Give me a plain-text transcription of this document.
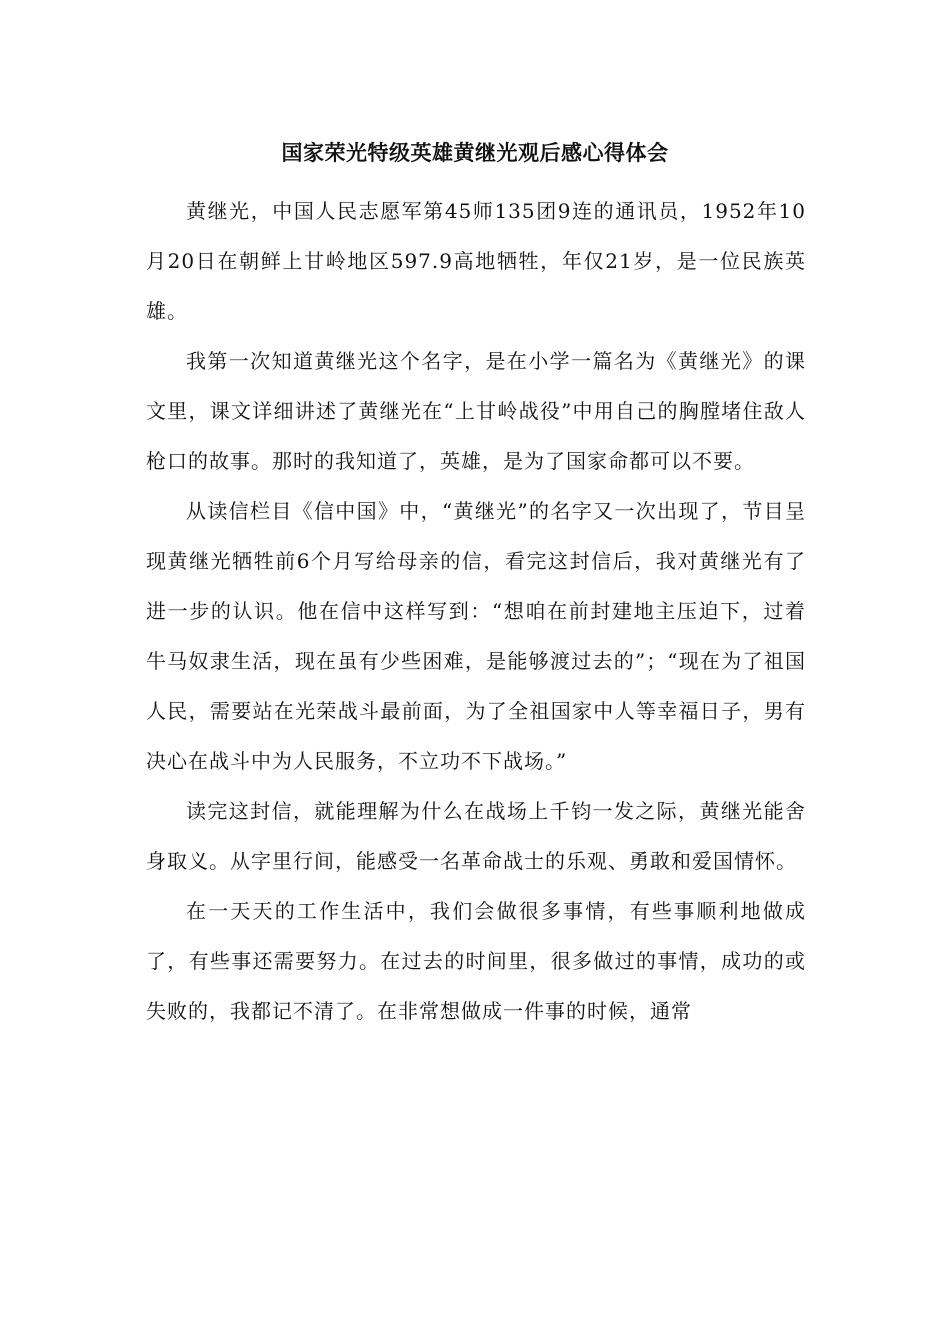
国家荣光特级英雄黄继光观后感心得体会

黄继光，中国人民志愿军第45师135团9连的通讯员，1952年10月20日在朝鲜上甘岭地区597.9高地牺牲，年仅21岁，是一位民族英雄。

我第一次知道黄继光这个名字，是在小学一篇名为《黄继光》的课文里，课文详细讲述了黄继光在“上甘岭战役”中用自己的胸膛堵住敌人枪口的故事。那时的我知道了，英雄，是为了国家命都可以不要。

从读信栏目《信中国》中，“黄继光”的名字又一次出现了，节目呈现黄继光牺牲前6个月写给母亲的信，看完这封信后，我对黄继光有了进一步的认识。他在信中这样写到：“想咱在前封建地主压迫下，过着牛马奴隶生活，现在虽有少些困难，是能够渡过去的”；“现在为了祖国人民，需要站在光荣战斗最前面，为了全祖国家中人等幸福日子，男有决心在战斗中为人民服务，不立功不下战场。”

读完这封信，就能理解为什么在战场上千钧一发之际，黄继光能舍身取义。从字里行间，能感受一名革命战士的乐观、勇敢和爱国情怀。

在一天天的工作生活中，我们会做很多事情，有些事顺利地做成了，有些事还需要努力。在过去的时间里，很多做过的事情，成功的或失败的，我都记不清了。在非常想做成一件事的时候，通常
